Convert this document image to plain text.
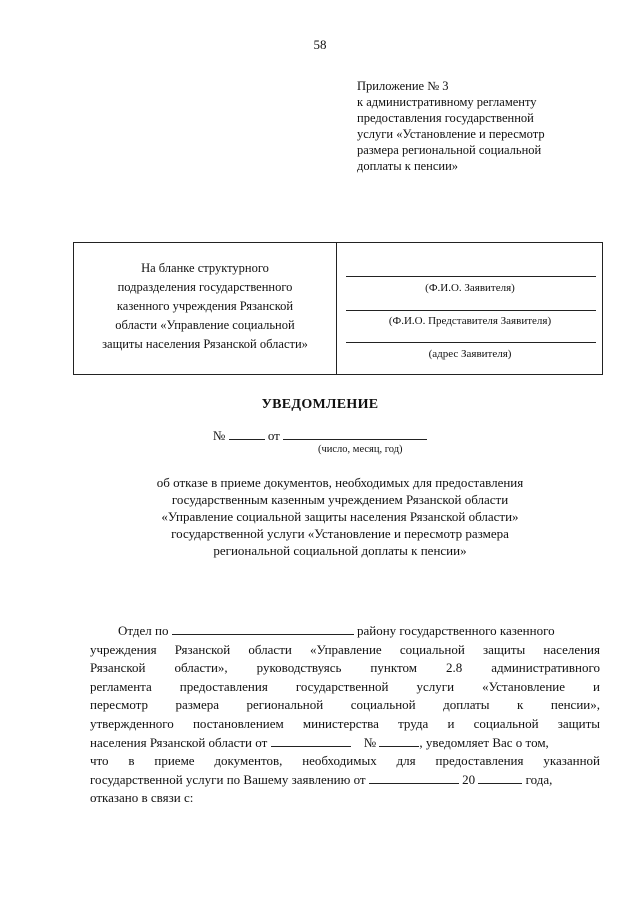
58
Приложение № 3
к административному регламенту
предоставления государственной
услуги «Установление и пересмотр
размера региональной социальной
доплаты к пенсии»
На бланке структурного
подразделения государственного
казенного учреждения Рязанской
области «Управление социальной
защиты населения Рязанской области»
(Ф.И.О. Заявителя)
(Ф.И.О. Представителя Заявителя)
(адрес Заявителя)
УВЕДОМЛЕНИЕ
№	от
(число, месяц, год)
об отказе в приеме документов, необходимых для предоставления
государственным казенным учреждением Рязанской области
«Управление социальной защиты населения Рязанской области»
государственной услуги «Установление и пересмотр размера
региональной социальной доплаты к пенсии»
Отдел по	району государственного казенного
учреждения Рязанской области «Управление социальной защиты населения
Рязанской области», руководствуясь пунктом 2.8 административного
регламента предоставления государственной услуги «Установление и
пересмотр размера региональной социальной доплаты к пенсии»,
утвержденного постановлением министерства труда и социальной защиты
населения Рязанской области от	№	, уведомляет Вас о том,
что в приеме документов, необходимых для предоставления указанной
государственной услуги по Вашему заявлению от	20	года,
отказано в связи с:
